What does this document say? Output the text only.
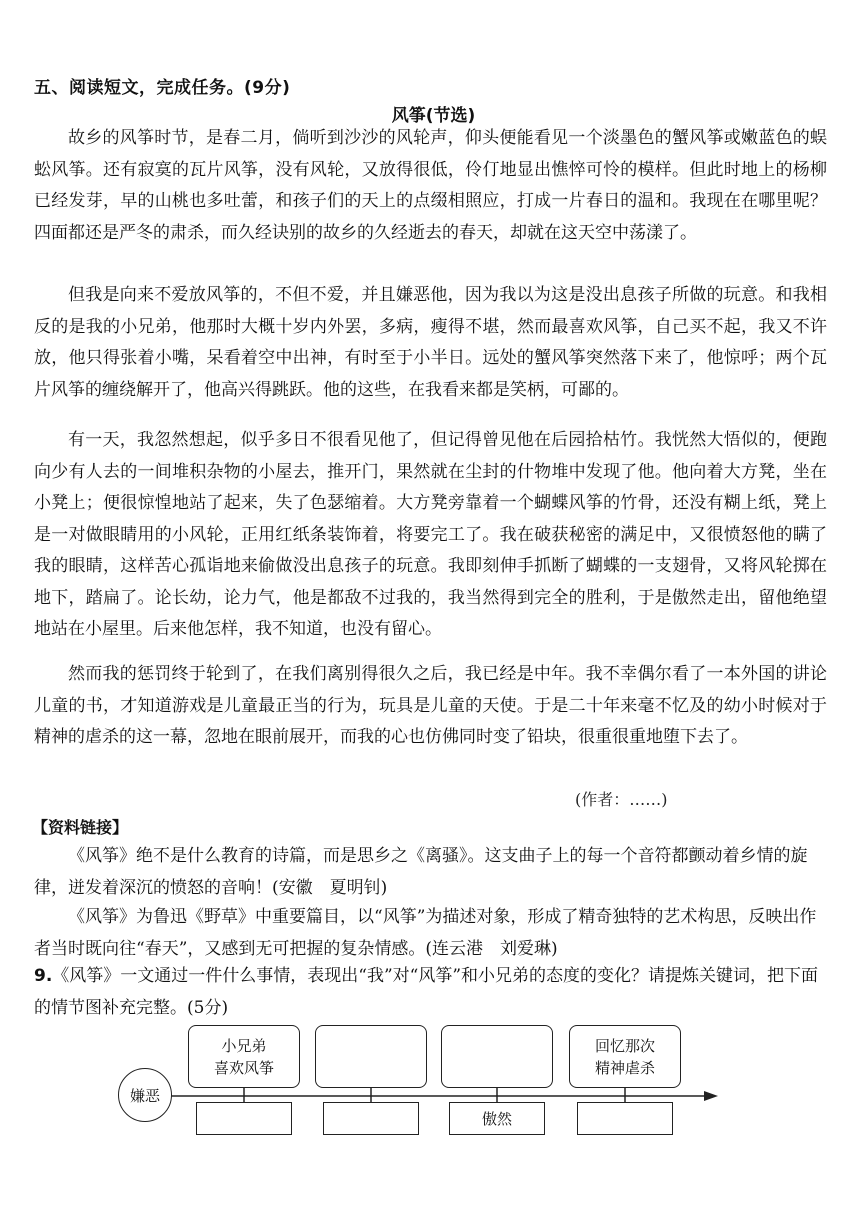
五、阅读短文，完成任务。(9分)
风筝(节选)

故乡的风筝时节，是春二月，倘听到沙沙的风轮声，仰头便能看见一个淡墨色的蟹风筝或嫩蓝色的蜈蚣风筝。还有寂寞的瓦片风筝，没有风轮，又放得很低，伶仃地显出憔悴可怜的模样。但此时地上的杨柳已经发芽，早的山桃也多吐蕾，和孩子们的天上的点缀相照应，打成一片春日的温和。我现在在哪里呢？四面都还是严冬的肃杀，而久经诀别的故乡的久经逝去的春天，却就在这天空中荡漾了。

但我是向来不爱放风筝的，不但不爱，并且嫌恶他，因为我以为这是没出息孩子所做的玩意。和我相反的是我的小兄弟，他那时大概十岁内外罢，多病，瘦得不堪，然而最喜欢风筝，自己买不起，我又不许放，他只得张着小嘴，呆看着空中出神，有时至于小半日。远处的蟹风筝突然落下来了，他惊呼；两个瓦片风筝的缠绕解开了，他高兴得跳跃。他的这些，在我看来都是笑柄，可鄙的。

有一天，我忽然想起，似乎多日不很看见他了，但记得曾见他在后园拾枯竹。我恍然大悟似的，便跑向少有人去的一间堆积杂物的小屋去，推开门，果然就在尘封的什物堆中发现了他。他向着大方凳，坐在小凳上；便很惊惶地站了起来，失了色瑟缩着。大方凳旁靠着一个蝴蝶风筝的竹骨，还没有糊上纸，凳上是一对做眼睛用的小风轮，正用红纸条装饰着，将要完工了。我在破获秘密的满足中，又很愤怒他的瞒了我的眼睛，这样苦心孤诣地来偷做没出息孩子的玩意。我即刻伸手抓断了蝴蝶的一支翅骨，又将风轮掷在地下，踏扁了。论长幼，论力气，他是都敌不过我的，我当然得到完全的胜利，于是傲然走出，留他绝望地站在小屋里。后来他怎样，我不知道，也没有留心。

然而我的惩罚终于轮到了，在我们离别得很久之后，我已经是中年。我不幸偶尔看了一本外国的讲论儿童的书，才知道游戏是儿童最正当的行为，玩具是儿童的天使。于是二十年来毫不忆及的幼小时候对于精神的虐杀的这一幕，忽地在眼前展开，而我的心也仿佛同时变了铅块，很重很重地堕下去了。

(作者：……)
【资料链接】

《风筝》绝不是什么教育的诗篇，而是思乡之《离骚》。这支曲子上的每一个音符都颤动着乡情的旋律，迸发着深沉的愤怒的音响！(安徽　夏明钊)

《风筝》为鲁迅《野草》中重要篇目，以“风筝”为描述对象，形成了精奇独特的艺术构思，反映出作者当时既向往“春天”，又感到无可把握的复杂情感。(连云港　刘爱琳)

9.《风筝》一文通过一件什么事情，表现出“我”对“风筝”和小兄弟的态度的变化？请提炼关键词，把下面的情节图补充完整。(5分)

嫌恶
小兄弟
喜欢风筝
回忆那次
精神虐杀
傲然
